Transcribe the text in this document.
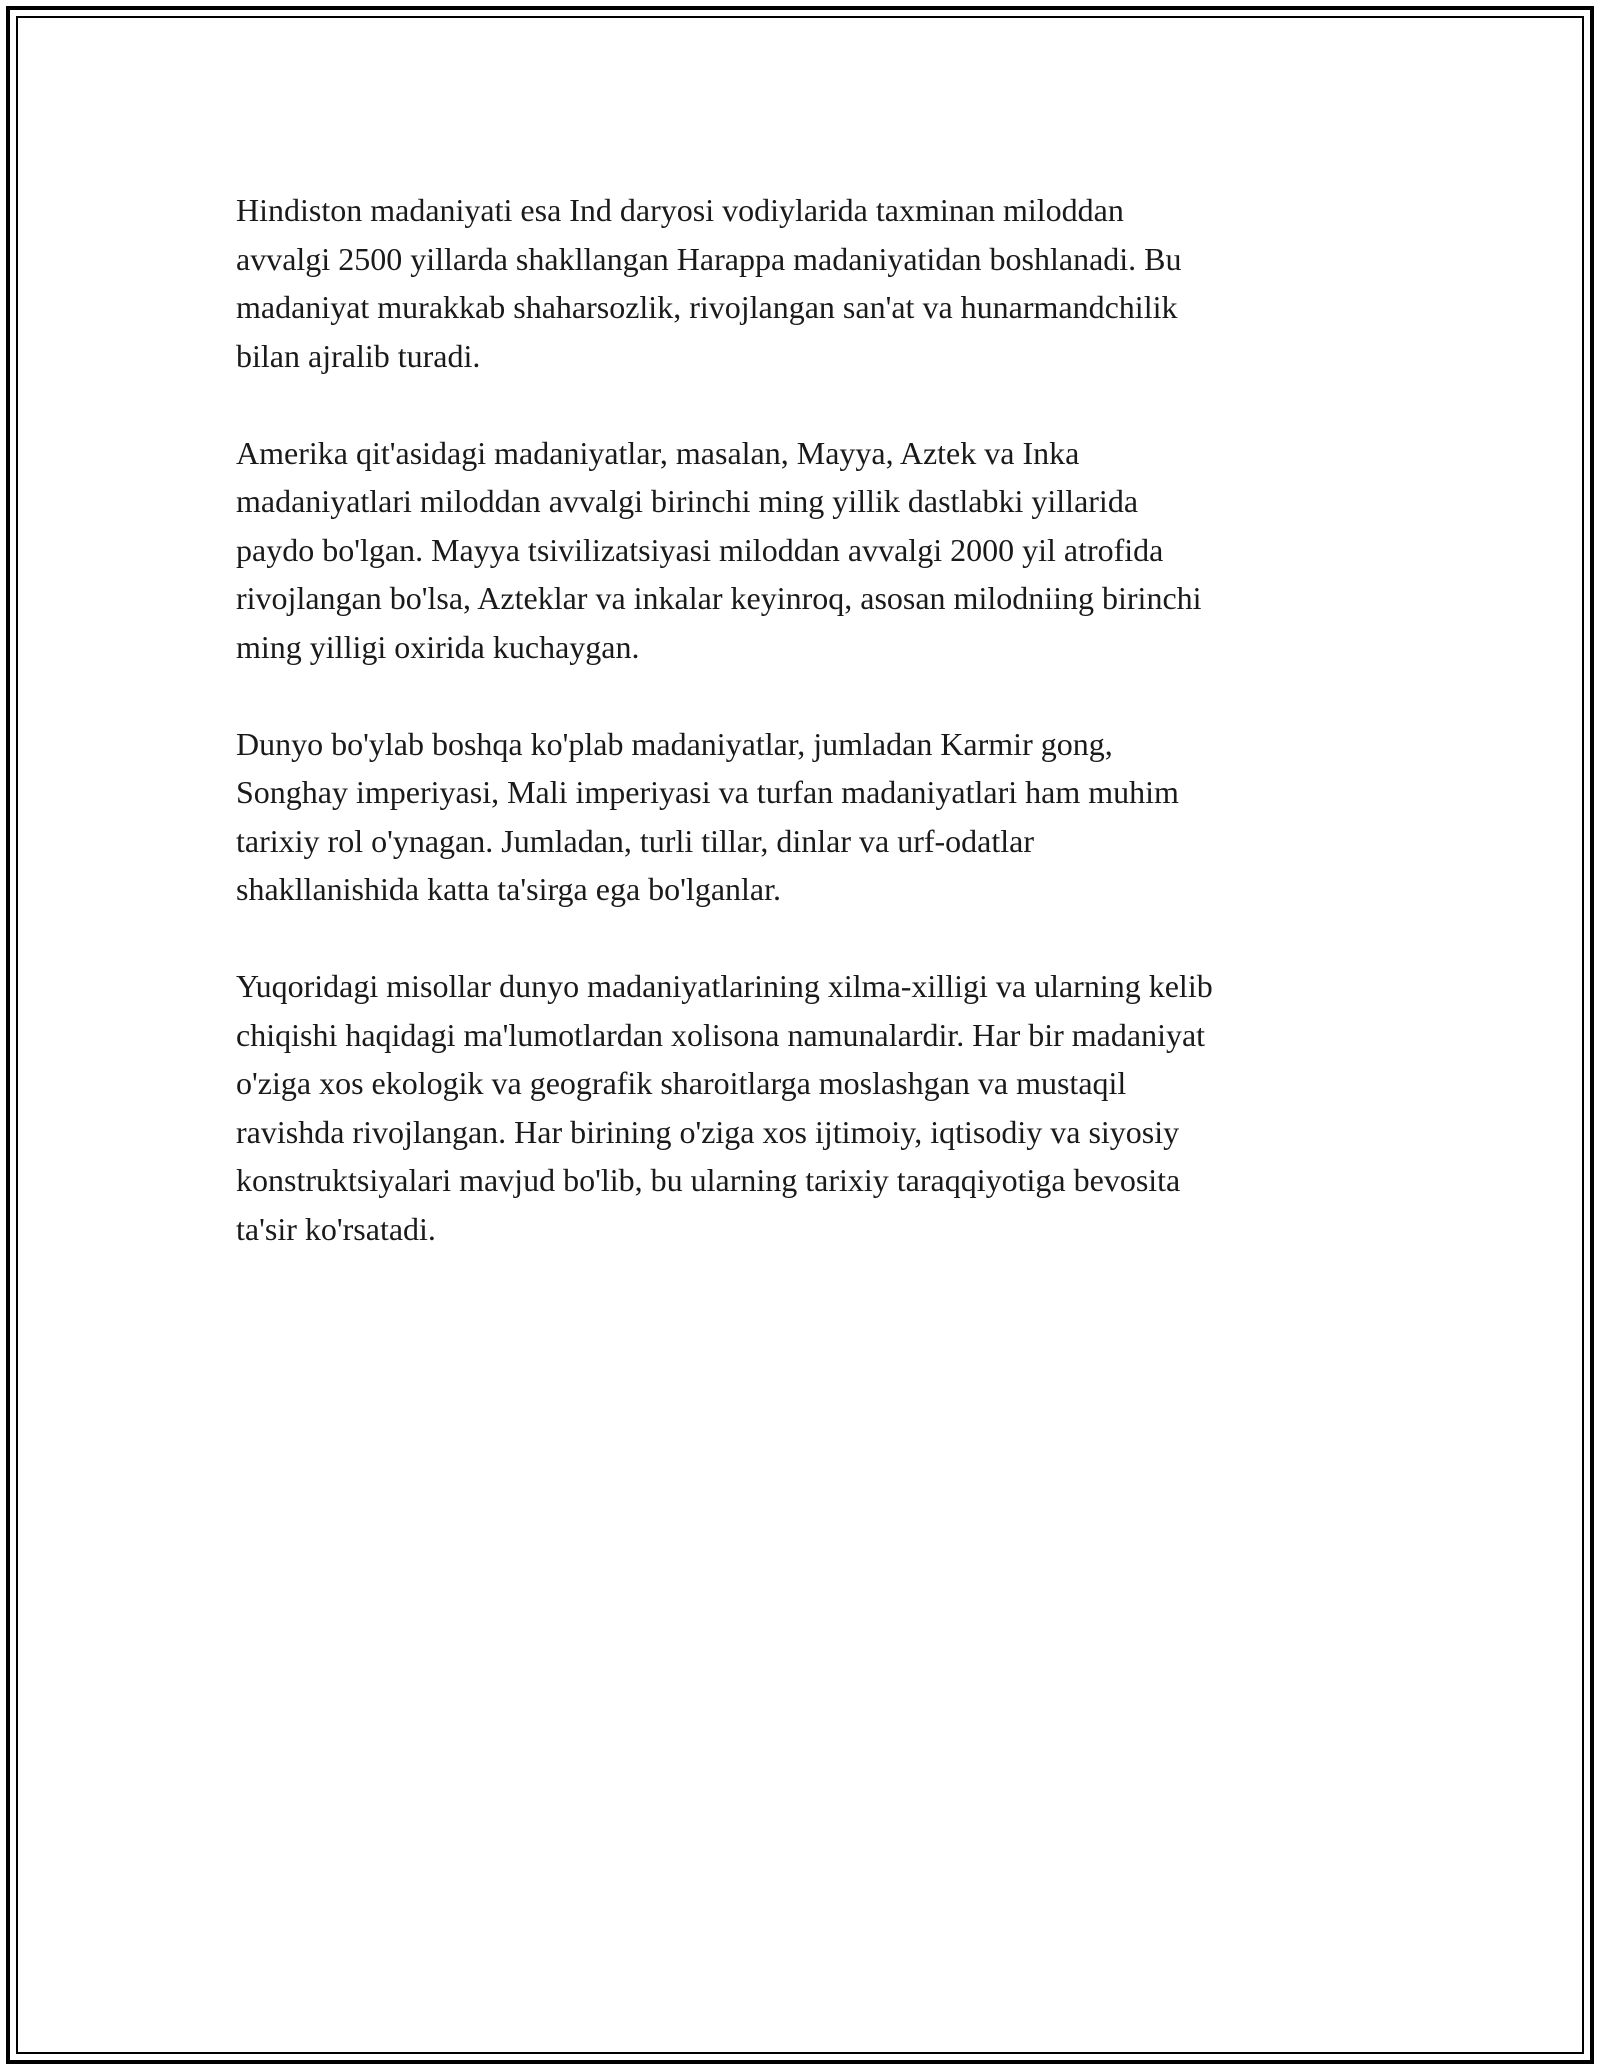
Hindiston madaniyati esa Ind daryosi vodiylarida taxminan miloddan
avvalgi 2500 yillarda shakllangan Harappa madaniyatidan boshlanadi. Bu
madaniyat murakkab shaharsozlik, rivojlangan san'at va hunarmandchilik
bilan ajralib turadi.

Amerika qit'asidagi madaniyatlar, masalan, Mayya, Aztek va Inka
madaniyatlari miloddan avvalgi birinchi ming yillik dastlabki yillarida
paydo bo'lgan. Mayya tsivilizatsiyasi miloddan avvalgi 2000 yil atrofida
rivojlangan bo'lsa, Azteklar va inkalar keyinroq, asosan milodniing birinchi
ming yilligi oxirida kuchaygan.

Dunyo bo'ylab boshqa ko'plab madaniyatlar, jumladan Karmir gong,
Songhay imperiyasi, Mali imperiyasi va turfan madaniyatlari ham muhim
tarixiy rol o'ynagan. Jumladan, turli tillar, dinlar va urf-odatlar
shakllanishida katta ta'sirga ega bo'lganlar.

Yuqoridagi misollar dunyo madaniyatlarining xilma-xilligi va ularning kelib
chiqishi haqidagi ma'lumotlardan xolisona namunalardir. Har bir madaniyat
o'ziga xos ekologik va geografik sharoitlarga moslashgan va mustaqil
ravishda rivojlangan. Har birining o'ziga xos ijtimoiy, iqtisodiy va siyosiy
konstruktsiyalari mavjud bo'lib, bu ularning tarixiy taraqqiyotiga bevosita
ta'sir ko'rsatadi.
